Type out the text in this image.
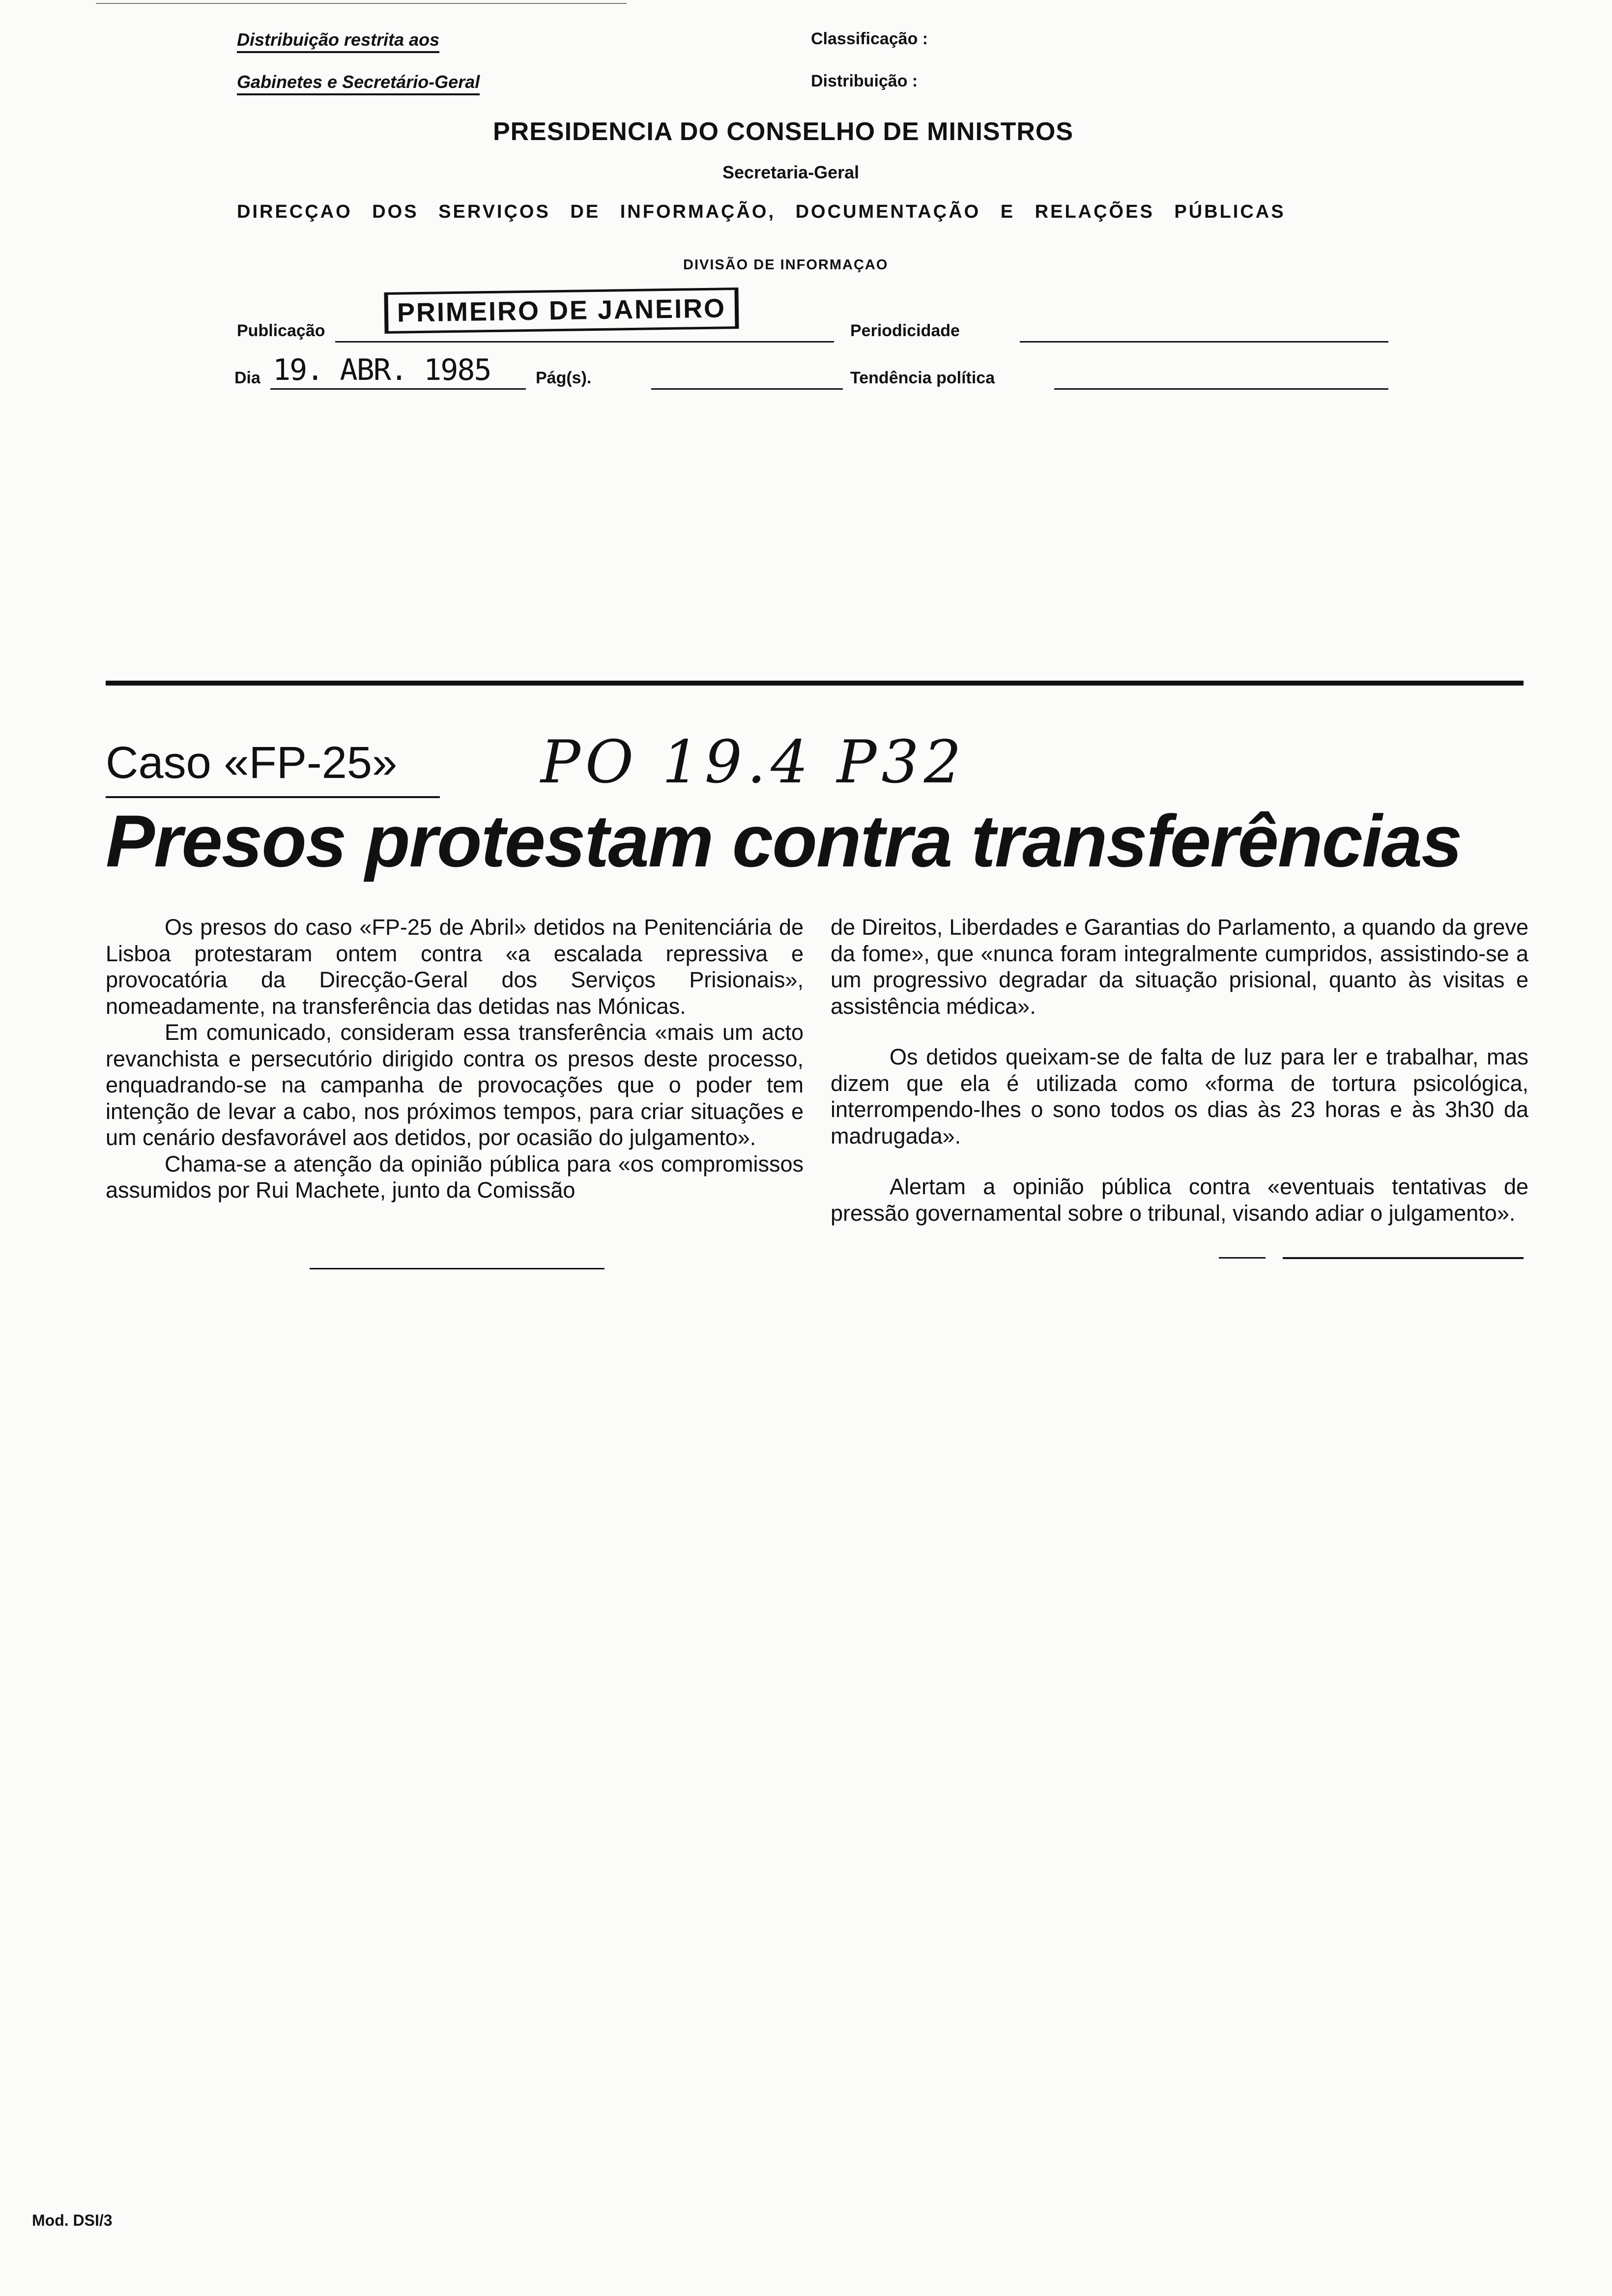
Distribuição restrita aos
Gabinetes e Secretário-Geral
Classificação :
Distribuição :
PRESIDENCIA DO CONSELHO DE MINISTROS
Secretaria-Geral
DIRECÇAO DOS SERVIÇOS DE INFORMAÇÃO, DOCUMENTAÇÃO E RELAÇÕES PÚBLICAS
DIVISÃO DE INFORMAÇAO
Publicação
PRIMEIRO DE JANEIRO
Periodicidade
Dia 19. ABR. 1985	Pág(s).	Tendência política
Caso «FP-25» PO 19.4 P32
Presos protestam contra transferências

Os presos do caso «FP-25 de Abril» detidos na Penitenciária de Lisboa protestaram ontem contra «a escalada repressiva e provocatória da Direcção-Geral dos Serviços Prisionais», nomeadamente, na transferência das detidas nas Mónicas.

Em comunicado, consideram essa transferência «mais um acto revanchista e persecutório dirigido contra os presos deste processo, enquadrando-se na campanha de provocações que o poder tem intenção de levar a cabo, nos próximos tempos, para criar situações e um cenário desfavorável aos detidos, por ocasião do julgamento».

Chama-se a atenção da opinião pública para «os compromissos assumidos por Rui Machete, junto da Comissão

de Direitos, Liberdades e Garantias do Parlamento, a quando da greve da fome», que «nunca foram integralmente cumpridos, assistindo-se a um progressivo degradar da situação prisional, quanto às visitas e assistência médica».

Os detidos queixam-se de falta de luz para ler e trabalhar, mas dizem que ela é utilizada como «forma de tortura psicológica, interrompendo-lhes o sono todos os dias às 23 horas e às 3h30 da madrugada».

Alertam a opinião pública contra «eventuais tentativas de pressão governamental sobre o tribunal, visando adiar o julgamento».

Mod. DSI/3
